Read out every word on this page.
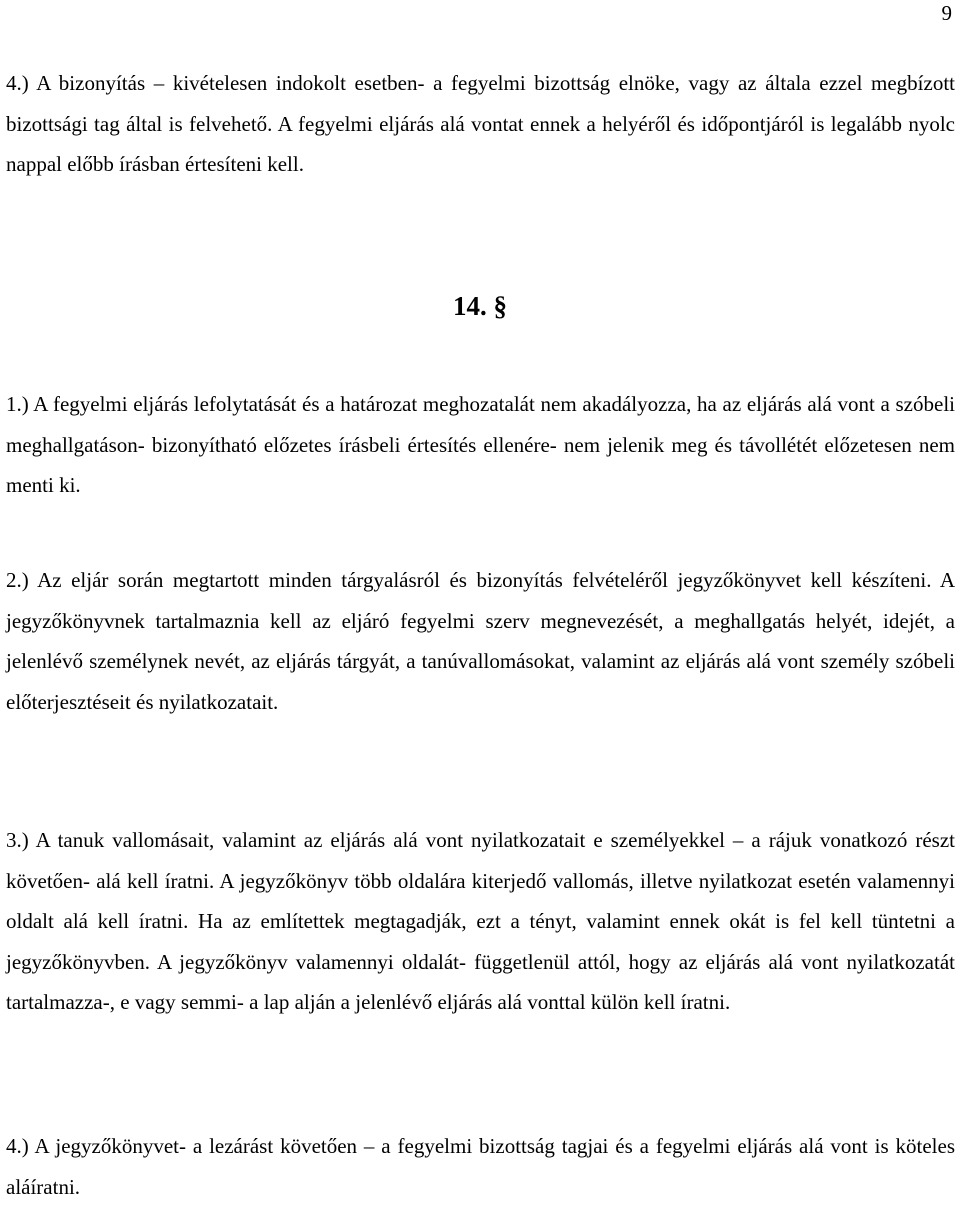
9

4.) A bizonyítás – kivételesen indokolt esetben- a fegyelmi bizottság elnöke, vagy az általa ezzel megbízott bizottsági tag által is felvehető. A fegyelmi eljárás alá vontat ennek a helyéről és időpontjáról is legalább nyolc nappal előbb írásban értesíteni kell.

14. §

1.) A fegyelmi eljárás lefolytatását és a határozat meghozatalát nem akadályozza, ha az eljárás alá vont a szóbeli meghallgatáson- bizonyítható előzetes írásbeli értesítés ellenére- nem jelenik meg és távollétét előzetesen nem menti ki.

2.) Az eljár során megtartott minden tárgyalásról és bizonyítás felvételéről jegyzőkönyvet kell készíteni. A jegyzőkönyvnek tartalmaznia kell az eljáró fegyelmi szerv megnevezését, a meghallgatás helyét, idejét, a jelenlévő személynek nevét, az eljárás tárgyát, a tanúvallomásokat, valamint az eljárás alá vont személy szóbeli előterjesztéseit és nyilatkozatait.

3.) A tanuk vallomásait, valamint az eljárás alá vont nyilatkozatait e személyekkel – a rájuk vonatkozó részt követően- alá kell íratni. A jegyzőkönyv több oldalára kiterjedő vallomás, illetve nyilatkozat esetén valamennyi oldalt alá kell íratni. Ha az említettek megtagadják, ezt a tényt, valamint ennek okát is fel kell tüntetni a jegyzőkönyvben. A jegyzőkönyv valamennyi oldalát- függetlenül attól, hogy az eljárás alá vont nyilatkozatát tartalmazza-, e vagy semmi- a lap alján a jelenlévő eljárás alá vonttal külön kell íratni.

4.) A jegyzőkönyvet- a lezárást követően – a fegyelmi bizottság tagjai és a fegyelmi eljárás alá vont is köteles aláíratni.
